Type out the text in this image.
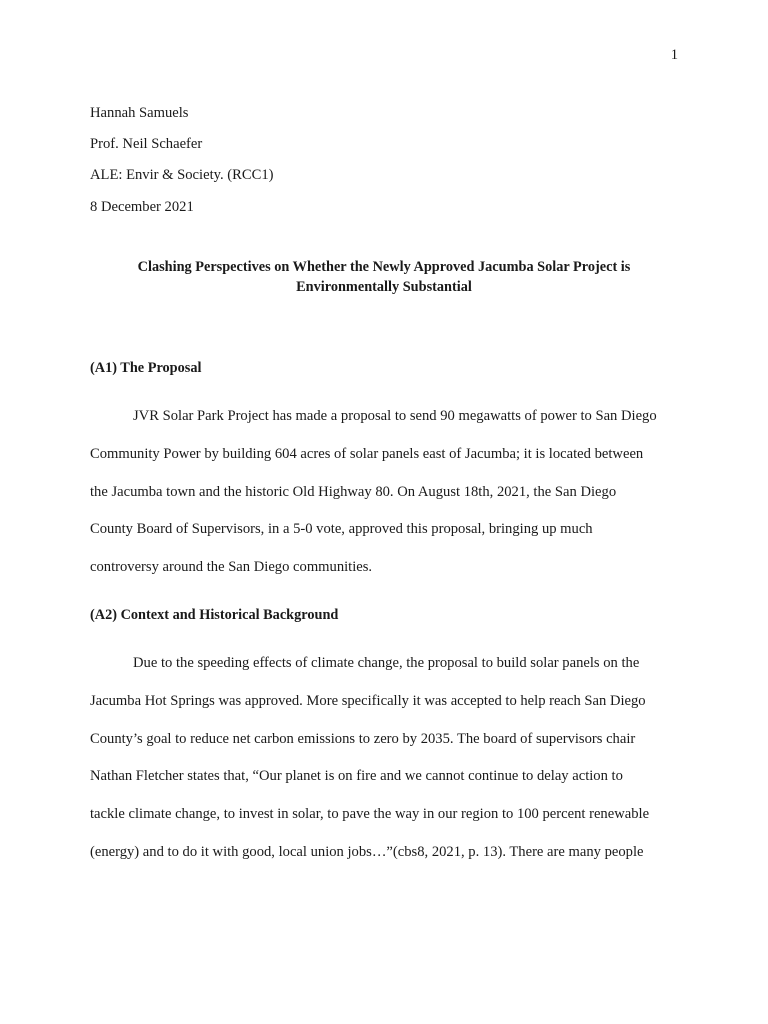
1
Hannah Samuels
Prof. Neil Schaefer
ALE: Envir & Society. (RCC1)
8 December 2021
Clashing Perspectives on Whether the Newly Approved Jacumba Solar Project is
Environmentally Substantial
(A1) The Proposal
JVR Solar Park Project has made a proposal to send 90 megawatts of power to San Diego
Community Power by building 604 acres of solar panels east of Jacumba; it is located between
the Jacumba town and the historic Old Highway 80. On August 18th, 2021, the San Diego
County Board of Supervisors, in a 5-0 vote, approved this proposal, bringing up much
controversy around the San Diego communities.
(A2) Context and Historical Background
Due to the speeding effects of climate change, the proposal to build solar panels on the
Jacumba Hot Springs was approved. More specifically it was accepted to help reach San Diego
County’s goal to reduce net carbon emissions to zero by 2035. The board of supervisors chair
Nathan Fletcher states that, “Our planet is on fire and we cannot continue to delay action to
tackle climate change, to invest in solar, to pave the way in our region to 100 percent renewable
(energy) and to do it with good, local union jobs…”(cbs8, 2021, p. 13). There are many people
